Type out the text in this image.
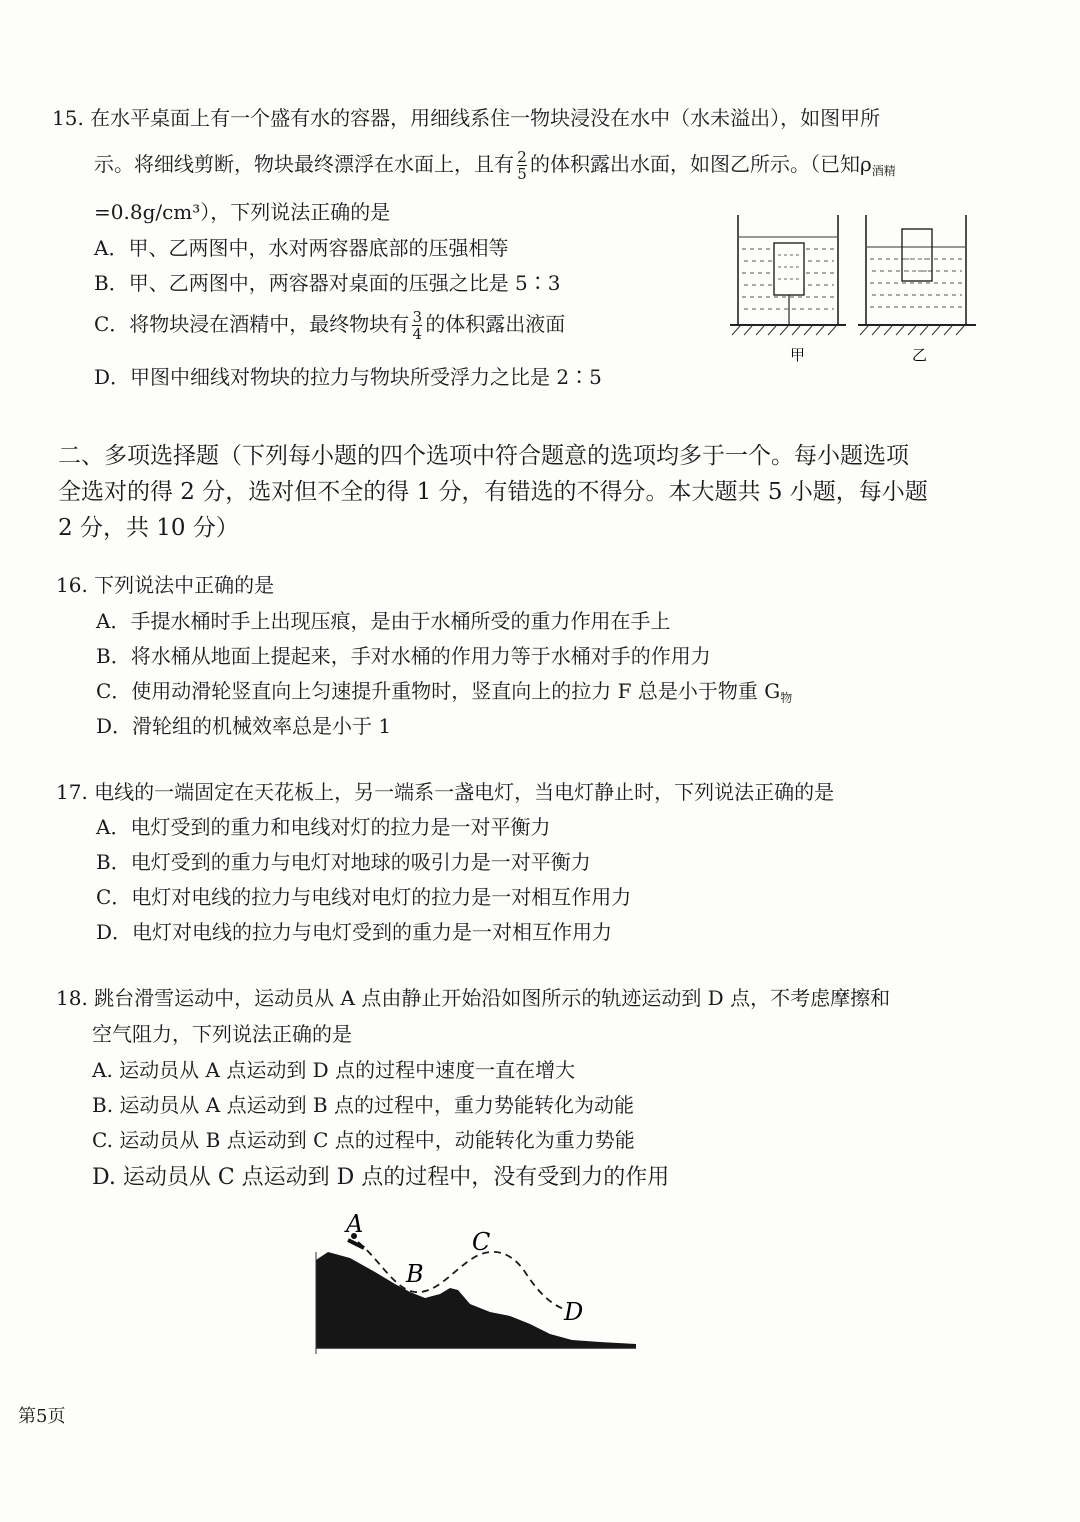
15. 在水平桌面上有一个盛有水的容器，用细线系住一物块浸没在水中（水未溢出），如图甲所
示。将细线剪断，物块最终漂浮在水面上，且有 $\frac{2}{5}$ 的体积露出水面，如图乙所示。（已知$\rho_{酒精}$
=0.8g/cm³），下列说法正确的是
A．甲、乙两图中，水对两容器底部的压强相等
B．甲、乙两图中，两容器对桌面的压强之比是 5∶3
C．将物块浸在酒精中，最终物块有 $\frac{3}{4}$ 的体积露出液面
D．甲图中细线对物块的拉力与物块所受浮力之比是 2∶5
甲	乙
二、多项选择题（下列每小题的四个选项中符合题意的选项均多于一个。每小题选项
全选对的得 2 分，选对但不全的得 1 分，有错选的不得分。本大题共 5 小题，每小题
2 分，共 10 分）
16. 下列说法中正确的是
A．手提水桶时手上出现压痕，是由于水桶所受的重力作用在手上
B．将水桶从地面上提起来，手对水桶的作用力等于水桶对手的作用力
C．使用动滑轮竖直向上匀速提升重物时，竖直向上的拉力 F 总是小于物重 $G_物$
D．滑轮组的机械效率总是小于 1
17. 电线的一端固定在天花板上，另一端系一盏电灯，当电灯静止时，下列说法正确的是
A．电灯受到的重力和电线对灯的拉力是一对平衡力
B．电灯受到的重力与电灯对地球的吸引力是一对平衡力
C．电灯对电线的拉力与电线对电灯的拉力是一对相互作用力
D．电灯对电线的拉力与电灯受到的重力是一对相互作用力
18. 跳台滑雪运动中，运动员从 A 点由静止开始沿如图所示的轨迹运动到 D 点，不考虑摩擦和
空气阻力，下列说法正确的是
A. 运动员从 A 点运动到 D 点的过程中速度一直在增大
B. 运动员从 A 点运动到 B 点的过程中，重力势能转化为动能
C. 运动员从 B 点运动到 C 点的过程中，动能转化为重力势能
D. 运动员从 C 点运动到 D 点的过程中，没有受到力的作用
A
B
C
D
第5页
